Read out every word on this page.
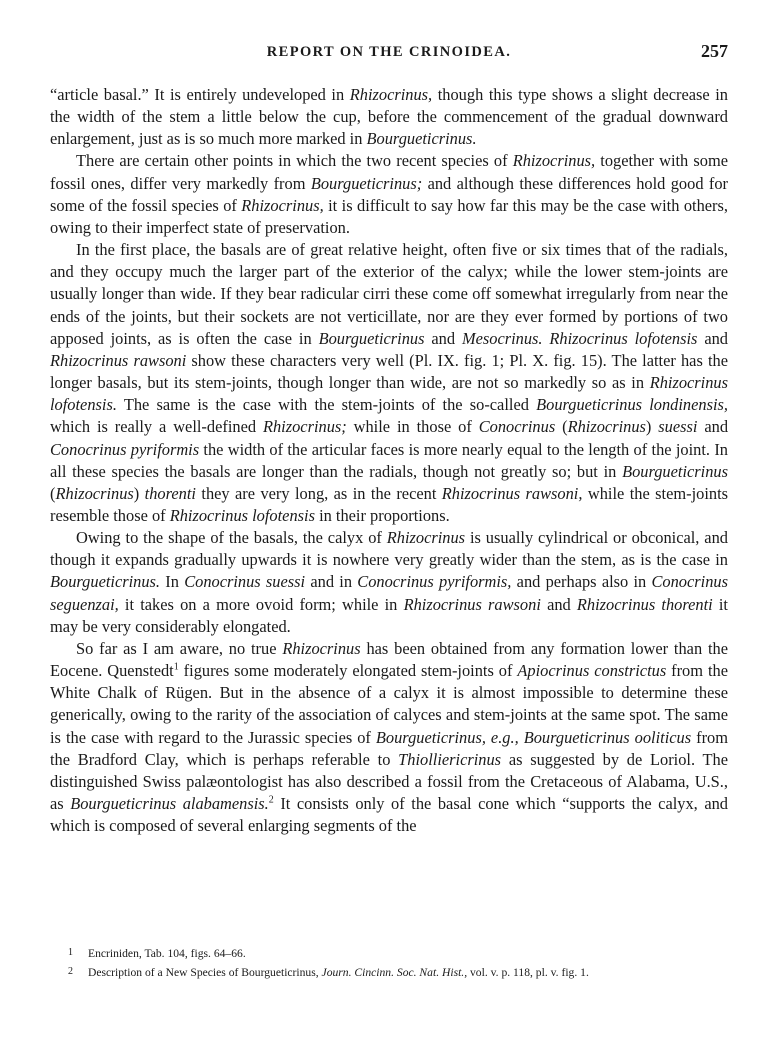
REPORT ON THE CRINOIDEA.	257

“article basal.” It is entirely undeveloped in Rhizocrinus, though this type shows a slight decrease in the width of the stem a little below the cup, before the commencement of the gradual downward enlargement, just as is so much more marked in Bourgueticrinus.

There are certain other points in which the two recent species of Rhizocrinus, together with some fossil ones, differ very markedly from Bourgueticrinus; and although these differences hold good for some of the fossil species of Rhizocrinus, it is difficult to say how far this may be the case with others, owing to their imperfect state of preservation.

In the first place, the basals are of great relative height, often five or six times that of the radials, and they occupy much the larger part of the exterior of the calyx; while the lower stem-joints are usually longer than wide. If they bear radicular cirri these come off somewhat irregularly from near the ends of the joints, but their sockets are not verticillate, nor are they ever formed by portions of two apposed joints, as is often the case in Bourgueticrinus and Mesocrinus. Rhizocrinus lofotensis and Rhizocrinus rawsoni show these characters very well (Pl. IX. fig. 1; Pl. X. fig. 15). The latter has the longer basals, but its stem-joints, though longer than wide, are not so markedly so as in Rhizocrinus lofotensis. The same is the case with the stem-joints of the so-called Bourgueticrinus londinensis, which is really a well-defined Rhizocrinus; while in those of Conocrinus (Rhizocrinus) suessi and Conocrinus pyriformis the width of the articular faces is more nearly equal to the length of the joint. In all these species the basals are longer than the radials, though not greatly so; but in Bourgueticrinus (Rhizocrinus) thorenti they are very long, as in the recent Rhizocrinus rawsoni, while the stem-joints resemble those of Rhizocrinus lofotensis in their proportions.

Owing to the shape of the basals, the calyx of Rhizocrinus is usually cylindrical or obconical, and though it expands gradually upwards it is nowhere very greatly wider than the stem, as is the case in Bourgueticrinus. In Conocrinus suessi and in Conocrinus pyriformis, and perhaps also in Conocrinus seguenzai, it takes on a more ovoid form; while in Rhizocrinus rawsoni and Rhizocrinus thorenti it may be very considerably elongated.

So far as I am aware, no true Rhizocrinus has been obtained from any formation lower than the Eocene. Quenstedt$^1$ figures some moderately elongated stem-joints of Apiocrinus constrictus from the White Chalk of Rügen. But in the absence of a calyx it is almost impossible to determine these generically, owing to the rarity of the association of calyces and stem-joints at the same spot. The same is the case with regard to the Jurassic species of Bourgueticrinus, e.g., Bourgueticrinus ooliticus from the Bradford Clay, which is perhaps referable to Thiolliericrinus as suggested by de Loriol. The distinguished Swiss palæontologist has also described a fossil from the Cretaceous of Alabama, U.S., as Bourgueticrinus alabamensis.$^2$ It consists only of the basal cone which “supports the calyx, and which is composed of several enlarging segments of the

1 Encriniden, Tab. 104, figs. 64–66.
2 Description of a New Species of Bourgueticrinus, Journ. Cincinn. Soc. Nat. Hist., vol. v. p. 118, pl. v. fig. 1.
